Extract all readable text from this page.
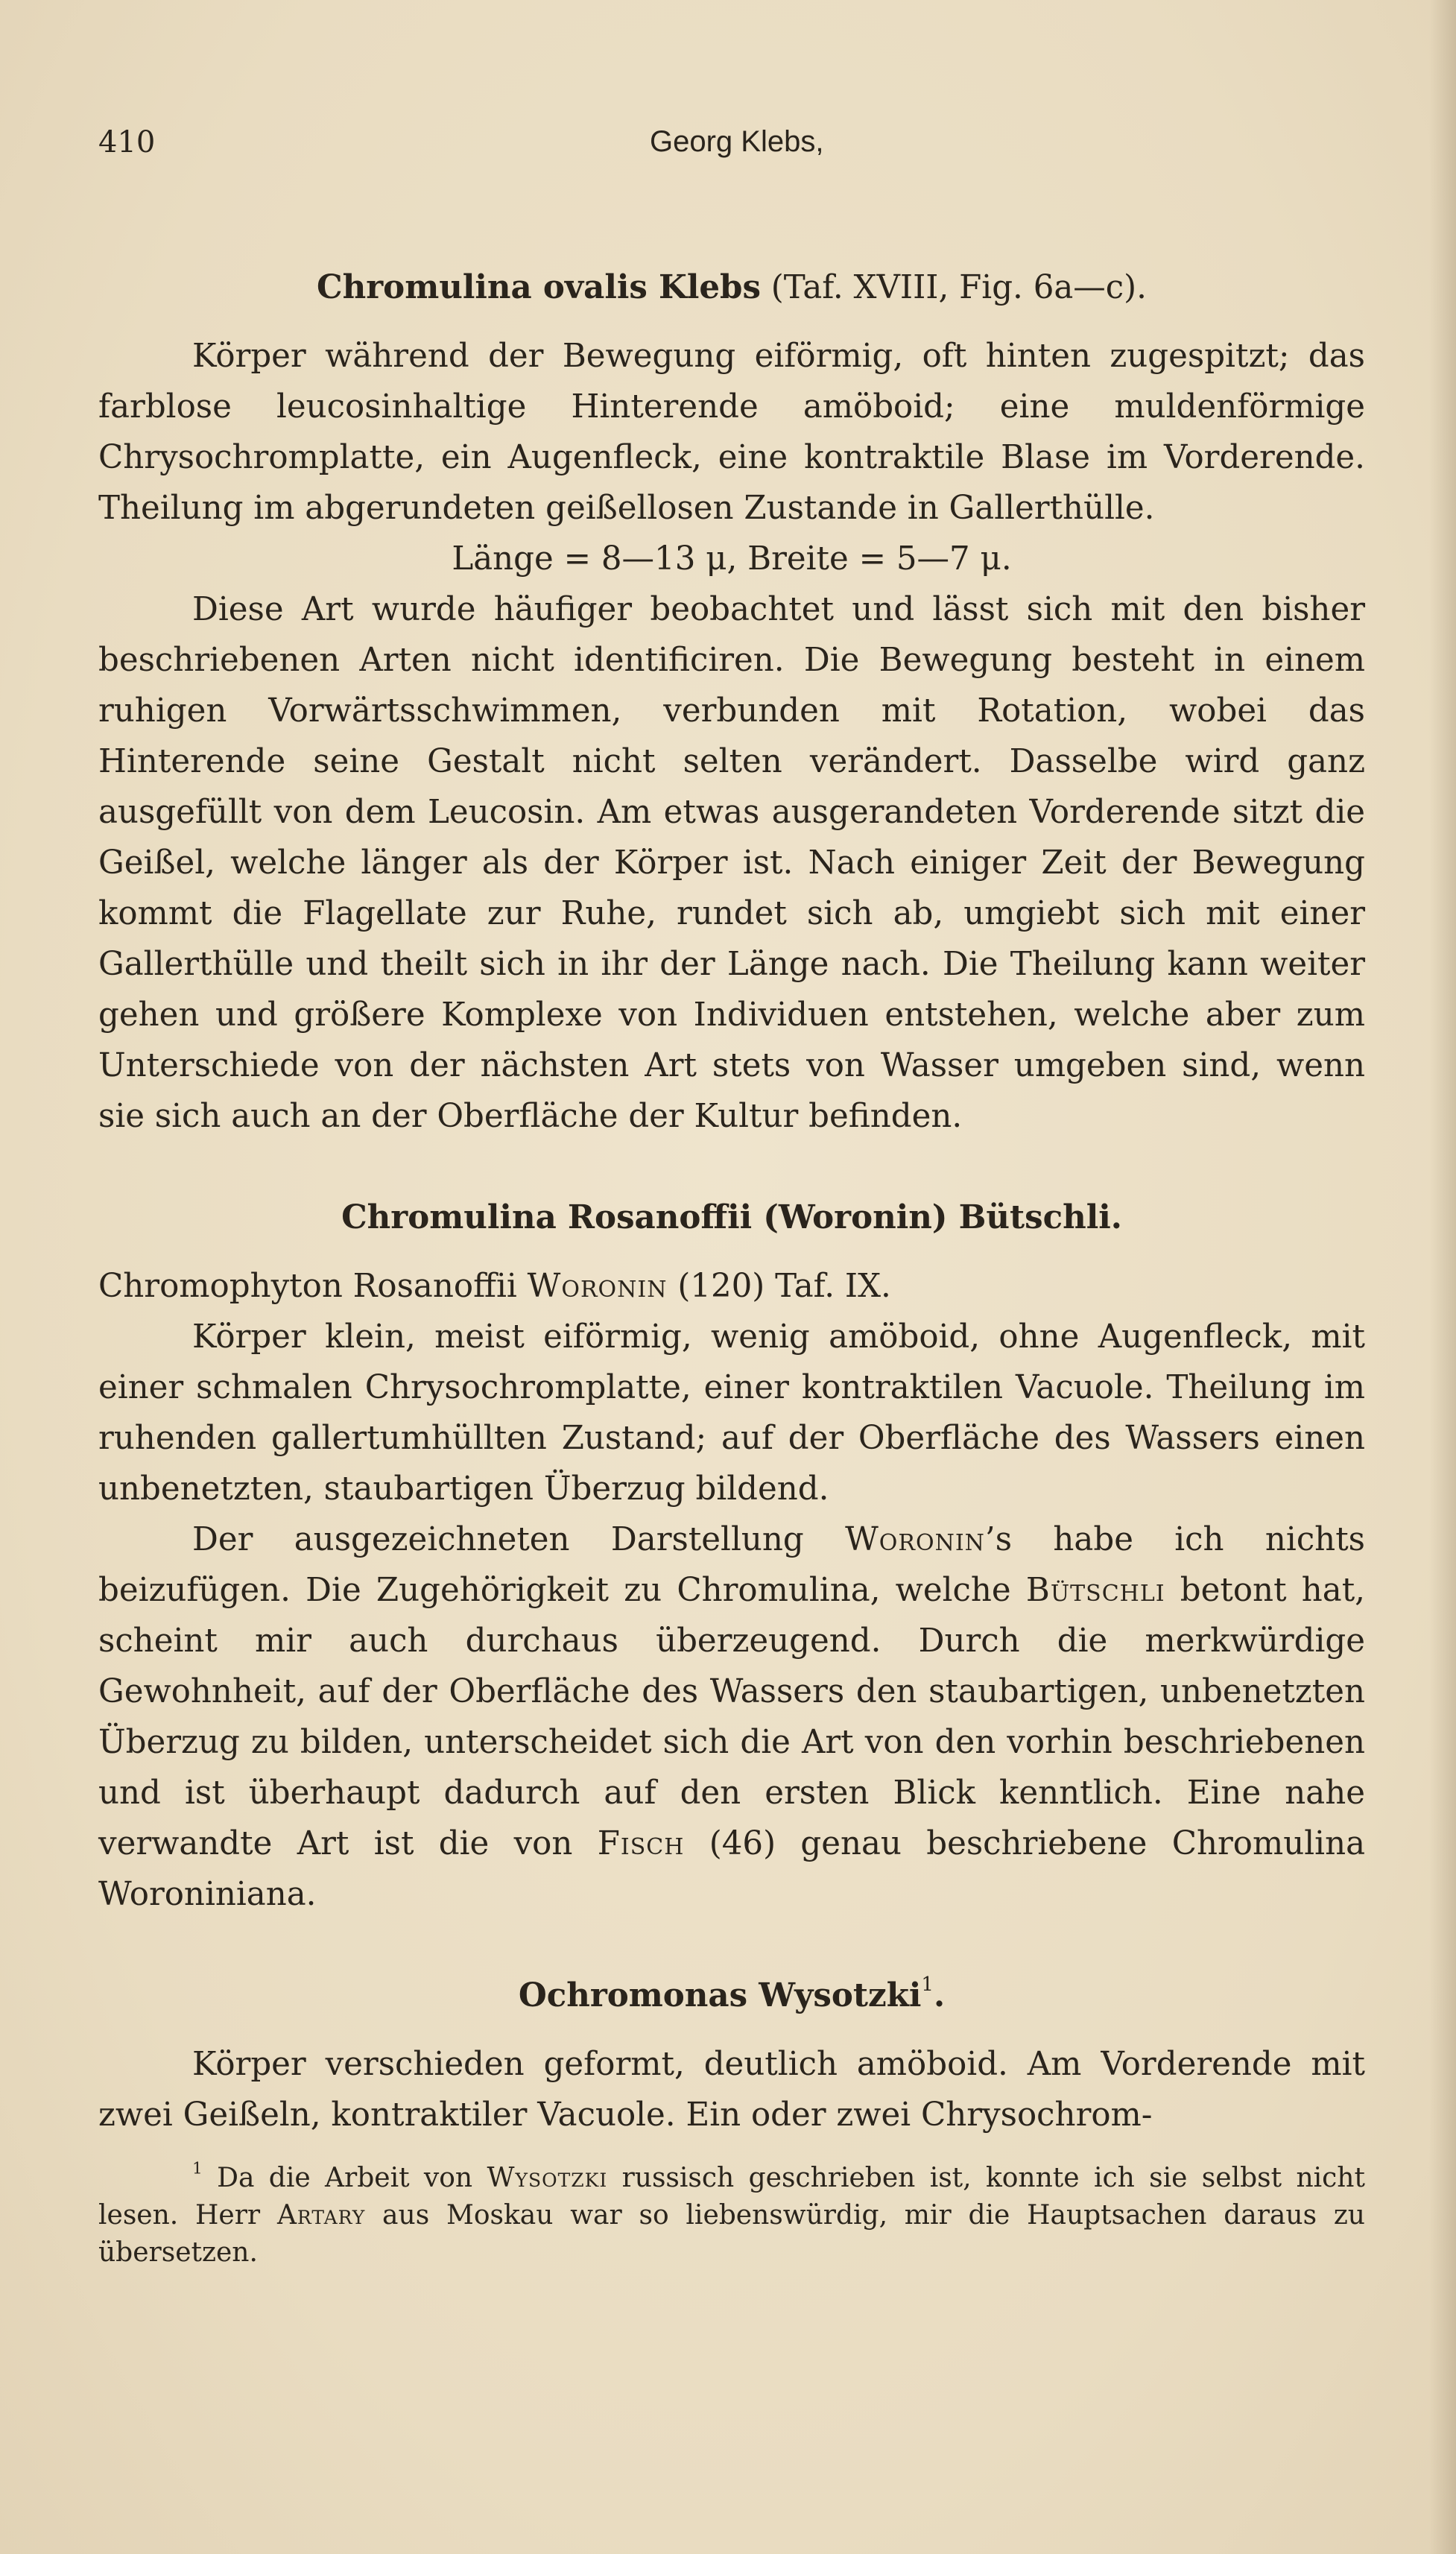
410	Georg Klebs,
Chromulina ovalis Klebs (Taf. XVIII, Fig. 6a—c).

Körper während der Bewegung eiförmig, oft hinten zugespitzt; das farblose leucosinhaltige Hinterende amöboid; eine muldenförmige Chrysochromplatte, ein Augenfleck, eine kontraktile Blase im Vorderende. Theilung im abgerundeten geißellosen Zustande in Gallerthülle.

Länge = 8—13 μ, Breite = 5—7 μ.

Diese Art wurde häufiger beobachtet und lässt sich mit den bisher beschriebenen Arten nicht identificiren. Die Bewegung besteht in einem ruhigen Vorwärtsschwimmen, verbunden mit Rotation, wobei das Hinterende seine Gestalt nicht selten verändert. Dasselbe wird ganz ausgefüllt von dem Leucosin. Am etwas ausgerandeten Vorderende sitzt die Geißel, welche länger als der Körper ist. Nach einiger Zeit der Bewegung kommt die Flagellate zur Ruhe, rundet sich ab, umgiebt sich mit einer Gallerthülle und theilt sich in ihr der Länge nach. Die Theilung kann weiter gehen und größere Komplexe von Individuen entstehen, welche aber zum Unterschiede von der nächsten Art stets von Wasser umgeben sind, wenn sie sich auch an der Oberfläche der Kultur befinden.

Chromulina Rosanoffii (Woronin) Bütschli.

Chromophyton Rosanoffii Woronin (120) Taf. IX.

Körper klein, meist eiförmig, wenig amöboid, ohne Augenfleck, mit einer schmalen Chrysochromplatte, einer kontraktilen Vacuole. Theilung im ruhenden gallertumhüllten Zustand; auf der Oberfläche des Wassers einen unbenetzten, staubartigen Überzug bildend.

Der ausgezeichneten Darstellung Woronin’s habe ich nichts beizufügen. Die Zugehörigkeit zu Chromulina, welche Bütschli betont hat, scheint mir auch durchaus überzeugend. Durch die merkwürdige Gewohnheit, auf der Oberfläche des Wassers den staubartigen, unbenetzten Überzug zu bilden, unterscheidet sich die Art von den vorhin beschriebenen und ist überhaupt dadurch auf den ersten Blick kenntlich. Eine nahe verwandte Art ist die von Fisch (46) genau beschriebene Chromulina Woroniniana.

Ochromonas Wysotzki$^1$.

Körper verschieden geformt, deutlich amöboid. Am Vorderende mit zwei Geißeln, kontraktiler Vacuole. Ein oder zwei Chrysochrom-

$^1$ Da die Arbeit von Wysotzki russisch geschrieben ist, konnte ich sie selbst nicht lesen. Herr Artary aus Moskau war so liebenswürdig, mir die Hauptsachen daraus zu übersetzen.
